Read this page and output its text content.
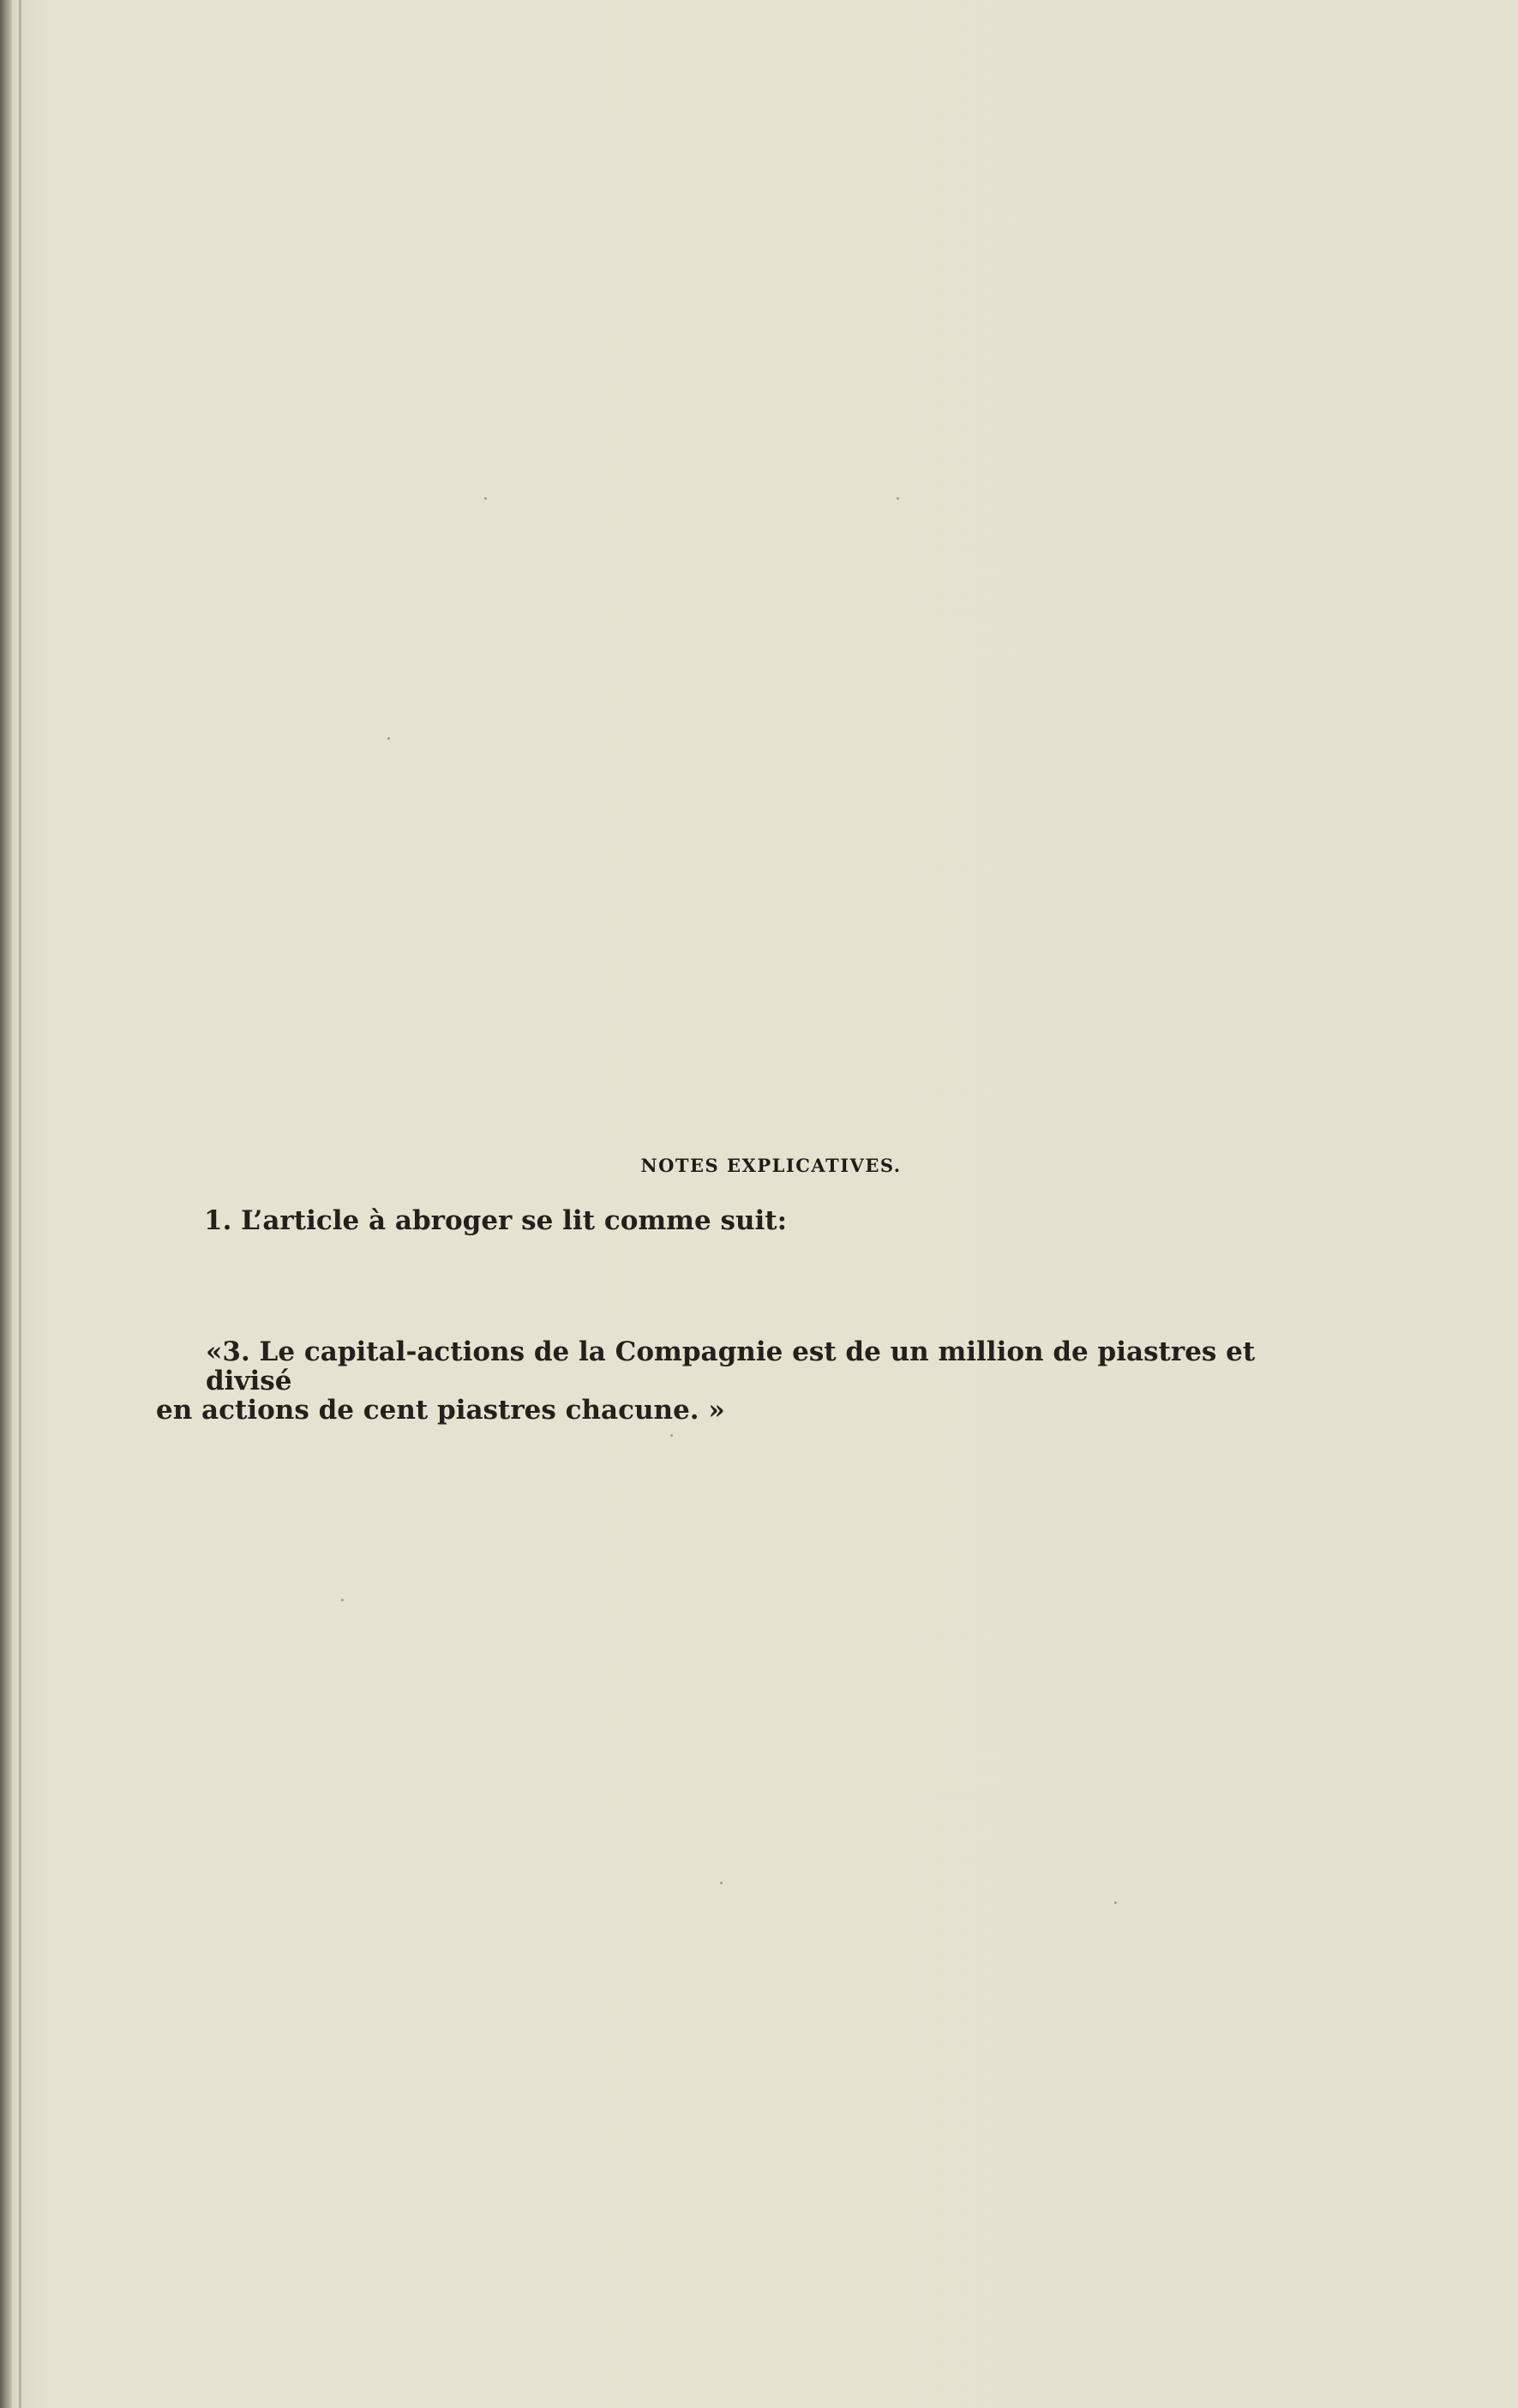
NOTES EXPLICATIVES.
1. L’article à abroger se lit comme suit:
«3. Le capital-actions de la Compagnie est de un million de piastres et divisé
en actions de cent piastres chacune. »
